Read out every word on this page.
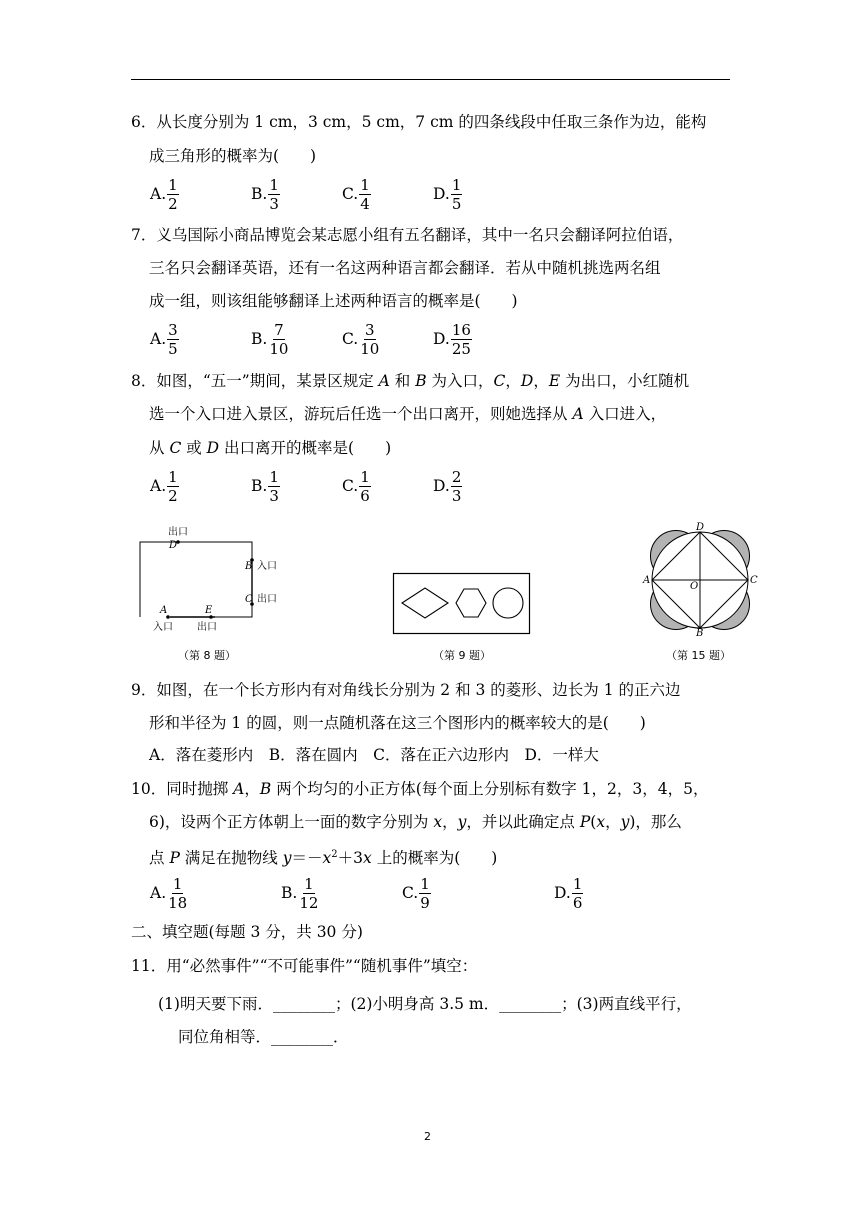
6．从长度分别为 1 cm，3 cm，5 cm，7 cm 的四条线段中任取三条作为边，能构
成三角形的概率为(　　)
A. $\frac{1}{2}$	B. $\frac{1}{3}$	C. $\frac{1}{4}$	D. $\frac{1}{5}$
7．义乌国际小商品博览会某志愿小组有五名翻译，其中一名只会翻译阿拉伯语，
三名只会翻译英语，还有一名这两种语言都会翻译．若从中随机挑选两名组
成一组，则该组能够翻译上述两种语言的概率是(　　)
A. $\frac{3}{5}$	B. $\frac{7}{10}$	C. $\frac{3}{10}$	D. $\frac{16}{25}$
8．如图，“五一”期间，某景区规定 A 和 B 为入口，C，D，E 为出口，小红随机
选一个入口进入景区，游玩后任选一个出口离开，则她选择从 A 入口进入，
从 C 或 D 出口离开的概率是(　　)
A. $\frac{1}{2}$	B. $\frac{1}{3}$	C. $\frac{1}{6}$	D. $\frac{2}{3}$
出口
D
B 入口
C 出口
A	E
入口 出口
（第 8 题）	（第 9 题）
D
A
O
C
B
（第 15 题）
9．如图，在一个长方形内有对角线长分别为 2 和 3 的菱形、边长为 1 的正六边
形和半径为 1 的圆，则一点随机落在这三个图形内的概率较大的是(　　)
A．落在菱形内　B．落在圆内　C．落在正六边形内　D．一样大
10．同时抛掷 A，B 两个均匀的小正方体(每个面上分别标有数字 1，2，3，4，5，
6)，设两个正方体朝上一面的数字分别为 x，y，并以此确定点 P(x，y)，那么
点 P 满足在抛物线 $y=-x^2+3x$ 上的概率为(　　)
A. $\frac{1}{18}$	B. $\frac{1}{12}$	C. $\frac{1}{9}$	D. $\frac{1}{6}$
二、填空题(每题 3 分，共 30 分)
11．用“必然事件”“不可能事件”“随机事件”填空：
(1)明天要下雨．________；(2)小明身高 3.5 m．________；(3)两直线平行，
同位角相等．________．
2
